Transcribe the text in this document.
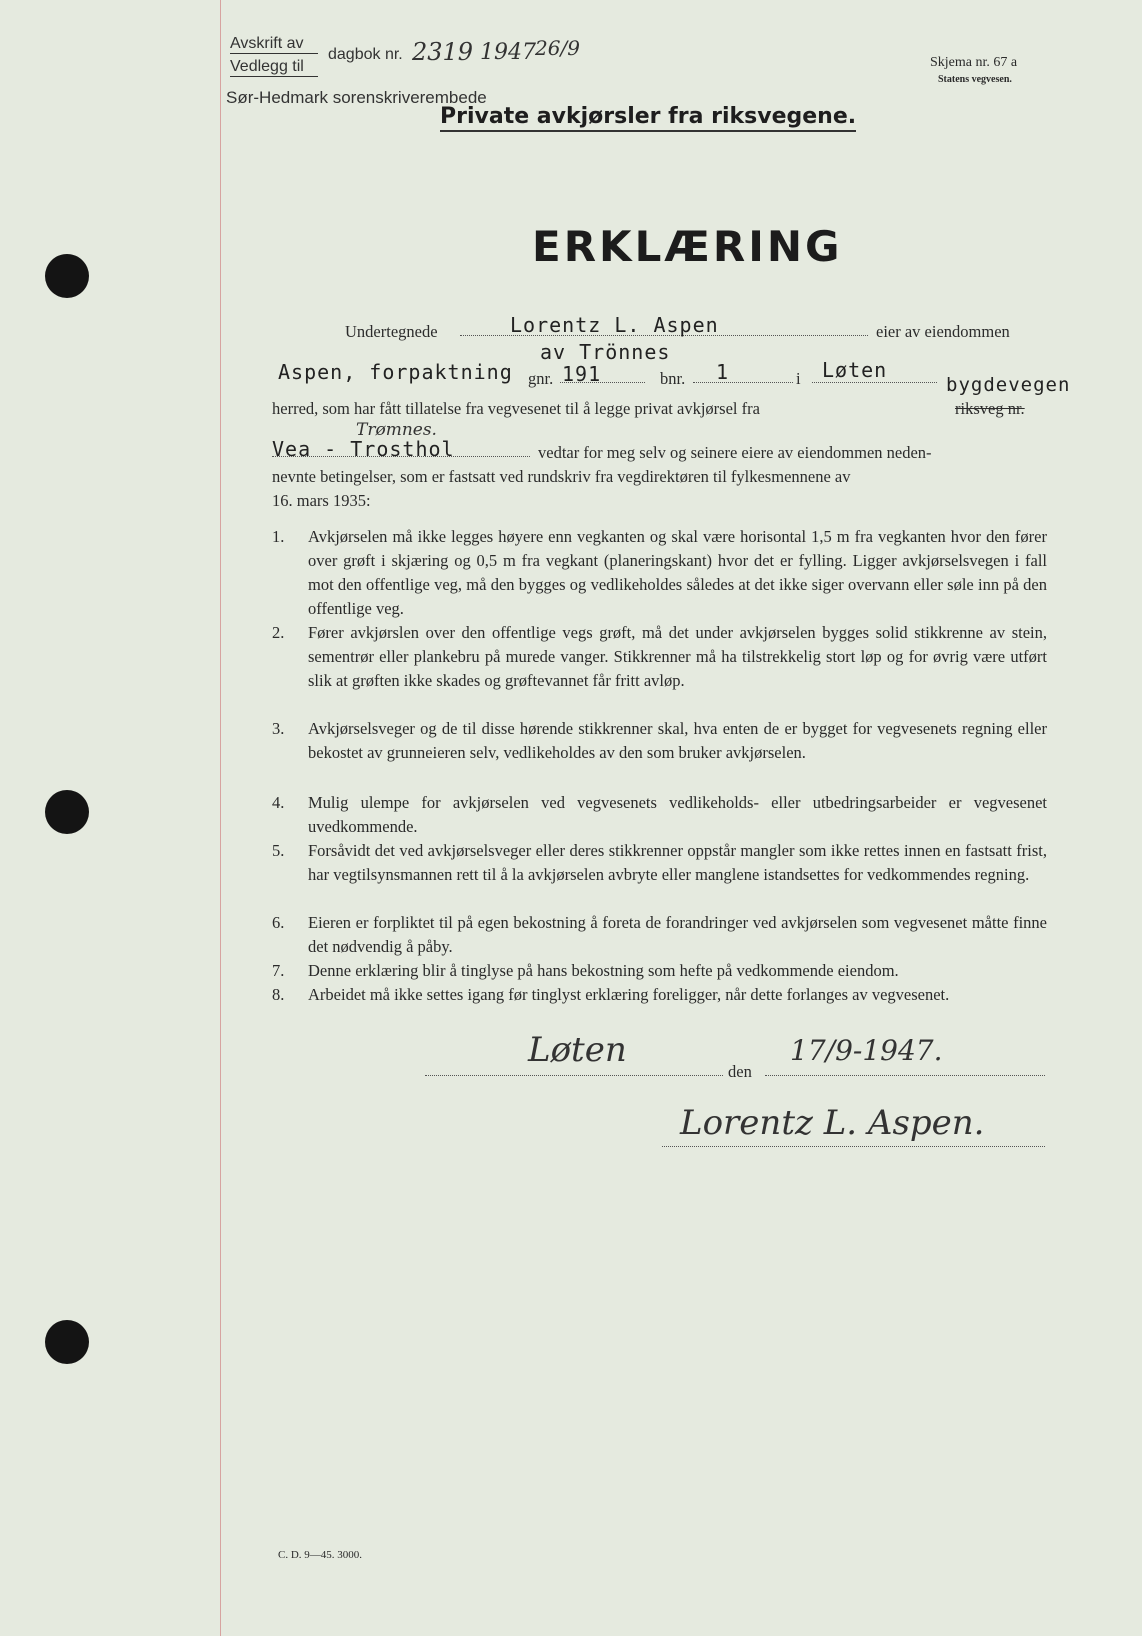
Avskrift av
Vedlegg til
dagbok nr. 2319 1947 26/9
Sør-Hedmark sorenskriverembede
Skjema nr. 67 a
Statens vegvesen.
Private avkjørsler fra riksvegene.
ERKLÆRING
Undertegnede	Lorentz L. Aspen	eier av eiendommen
av Trönnes
Aspen, forpaktning gnr. 191	bnr. 1	i Løten
bygdevegen
herred, som har fått tillatelse fra vegvesenet til å legge privat avkjørsel fra	riksveg nr.
Trømnes.
Vea - Trosthol	vedtar for meg selv og seinere eiere av eiendommen neden-
nevnte betingelser, som er fastsatt ved rundskriv fra vegdirektøren til fylkesmennene av
16. mars 1935:
1.	Avkjørselen må ikke legges høyere enn vegkanten og skal være horisontal 1,5 m fra vegkanten hvor den fører over grøft i skjæring og 0,5 m fra vegkant (planeringskant) hvor det er fylling. Ligger avkjørselsvegen i fall mot den offentlige veg, må den bygges og vedlikeholdes således at det ikke siger overvann eller søle inn på den offentlige veg.
2.	Fører avkjørslen over den offentlige vegs grøft, må det under avkjørselen bygges solid stikkrenne av stein, sementrør eller plankebru på murede vanger. Stikkrenner må ha tilstrekkelig stort løp og for øvrig være utført slik at grøften ikke skades og grøftevannet får fritt avløp.
3.	Avkjørselsveger og de til disse hørende stikkrenner skal, hva enten de er bygget for vegvesenets regning eller bekostet av grunneieren selv, vedlikeholdes av den som bruker avkjørselen.
4.	Mulig ulempe for avkjørselen ved vegvesenets vedlikeholds- eller utbedringsarbeider er vegvesenet uvedkommende.
5.	Forsåvidt det ved avkjørselsveger eller deres stikkrenner oppstår mangler som ikke rettes innen en fastsatt frist, har vegtilsynsmannen rett til å la avkjørselen avbryte eller manglene istandsettes for vedkommendes regning.
6.	Eieren er forpliktet til på egen bekostning å foreta de forandringer ved avkjørselen som vegvesenet måtte finne det nødvendig å påby.
7.	Denne erklæring blir å tinglyse på hans bekostning som hefte på vedkommende eiendom.
8.	Arbeidet må ikke settes igang før tinglyst erklæring foreligger, når dette forlanges av vegvesenet.
Løten
den
17/9-1947.
Lorentz L. Aspen.
C. D. 9—45. 3000.
